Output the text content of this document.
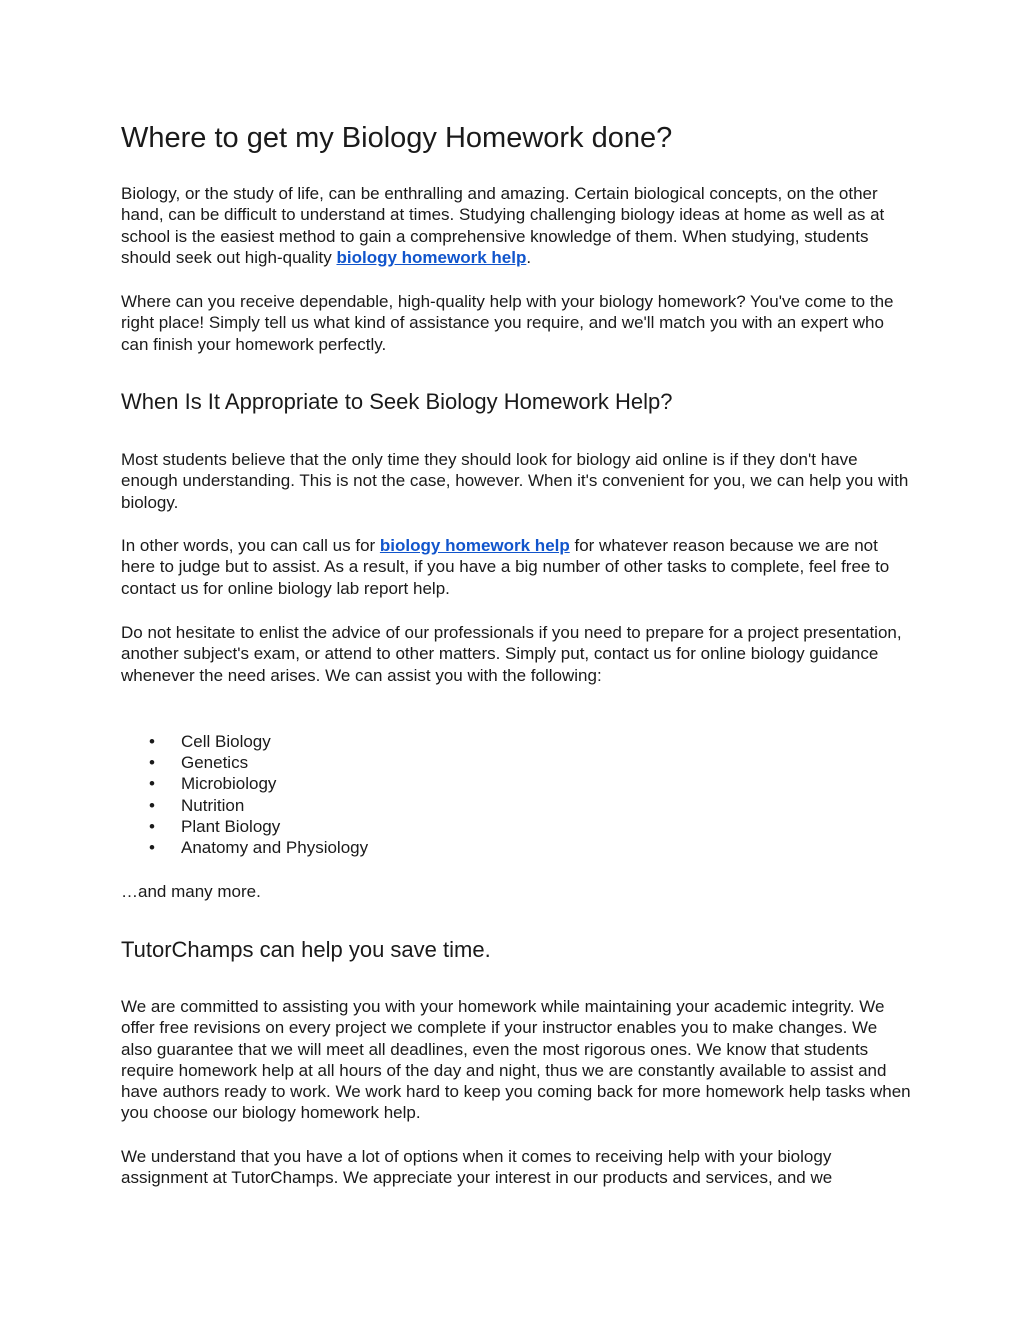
Where to get my Biology Homework done?

Biology, or the study of life, can be enthralling and amazing. Certain biological concepts, on the other hand, can be difficult to understand at times. Studying challenging biology ideas at home as well as at school is the easiest method to gain a comprehensive knowledge of them. When studying, students should seek out high-quality biology homework help.

Where can you receive dependable, high-quality help with your biology homework? You've come to the right place! Simply tell us what kind of assistance you require, and we'll match you with an expert who can finish your homework perfectly.

When Is It Appropriate to Seek Biology Homework Help?

Most students believe that the only time they should look for biology aid online is if they don't have enough understanding. This is not the case, however. When it's convenient for you, we can help you with biology.

In other words, you can call us for biology homework help for whatever reason because we are not here to judge but to assist. As a result, if you have a big number of other tasks to complete, feel free to contact us for online biology lab report help.

Do not hesitate to enlist the advice of our professionals if you need to prepare for a project presentation, another subject's exam, or attend to other matters. Simply put, contact us for online biology guidance whenever the need arises. We can assist you with the following:

• Cell Biology
• Genetics
• Microbiology
• Nutrition
• Plant Biology
• Anatomy and Physiology

…and many more.

TutorChamps can help you save time.

We are committed to assisting you with your homework while maintaining your academic integrity. We offer free revisions on every project we complete if your instructor enables you to make changes. We also guarantee that we will meet all deadlines, even the most rigorous ones. We know that students require homework help at all hours of the day and night, thus we are constantly available to assist and have authors ready to work. We work hard to keep you coming back for more homework help tasks when you choose our biology homework help.

We understand that you have a lot of options when it comes to receiving help with your biology assignment at TutorChamps. We appreciate your interest in our products and services, and we
